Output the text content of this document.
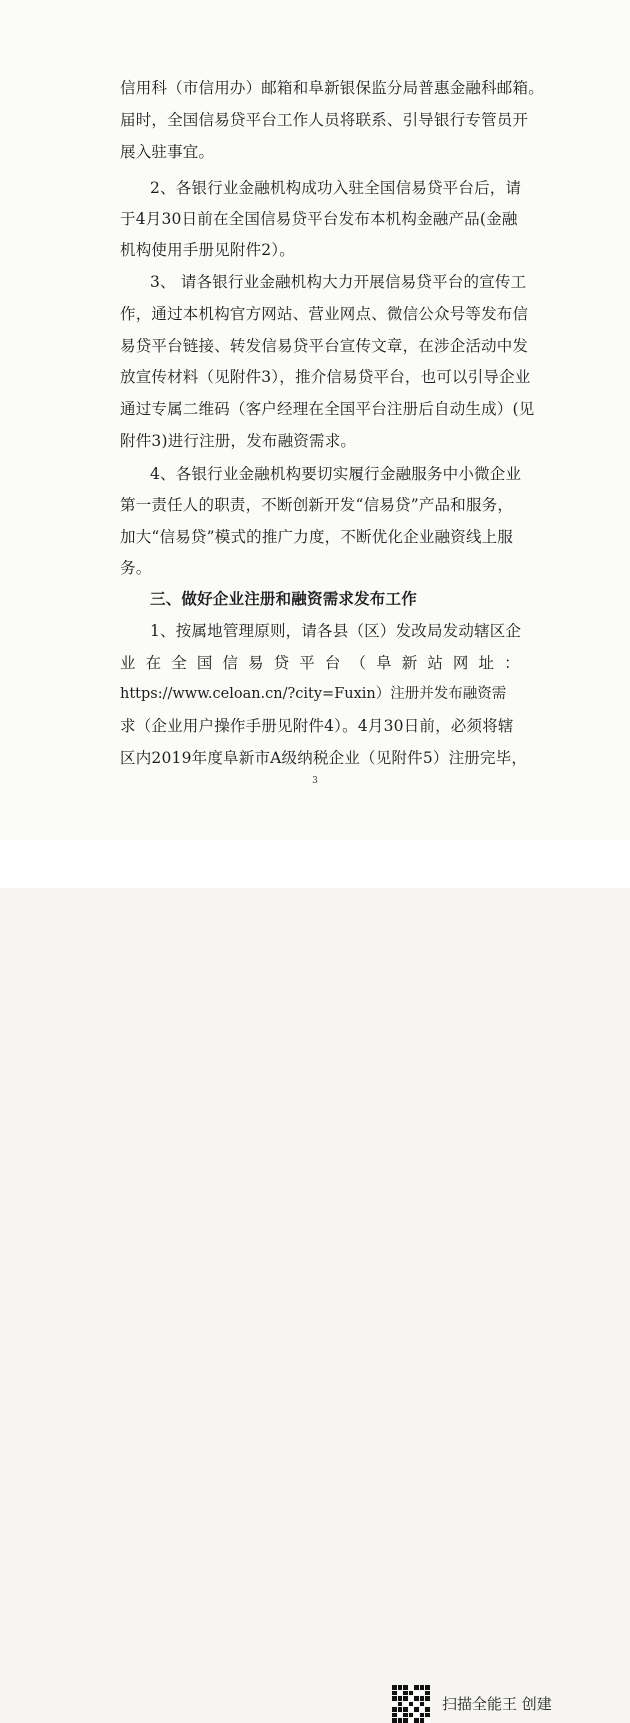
信用科（市信用办）邮箱和阜新银保监分局普惠金融科邮箱。
届时，全国信易贷平台工作人员将联系、引导银行专管员开
展入驻事宜。
2、各银行业金融机构成功入驻全国信易贷平台后，请
于4月30日前在全国信易贷平台发布本机构金融产品(金融
机构使用手册见附件2）。
3、 请各银行业金融机构大力开展信易贷平台的宣传工
作，通过本机构官方网站、营业网点、微信公众号等发布信
易贷平台链接、转发信易贷平台宣传文章，在涉企活动中发
放宣传材料（见附件3），推介信易贷平台，也可以引导企业
通过专属二维码（客户经理在全国平台注册后自动生成）(见
附件3)进行注册，发布融资需求。
4、各银行业金融机构要切实履行金融服务中小微企业
第一责任人的职责，不断创新开发“信易贷”产品和服务，
加大“信易贷”模式的推广力度，不断优化企业融资线上服
务。
三、做好企业注册和融资需求发布工作
1、按属地管理原则，请各县（区）发改局发动辖区企
业 在 全 国 信 易 贷 平 台 （ 阜 新 站 网 址 ：
https://www.celoan.cn/?city=Fuxin）注册并发布融资需
求（企业用户操作手册见附件4）。4月30日前，必须将辖
区内2019年度阜新市A级纳税企业（见附件5）注册完毕，
3
扫描全能王 创建
